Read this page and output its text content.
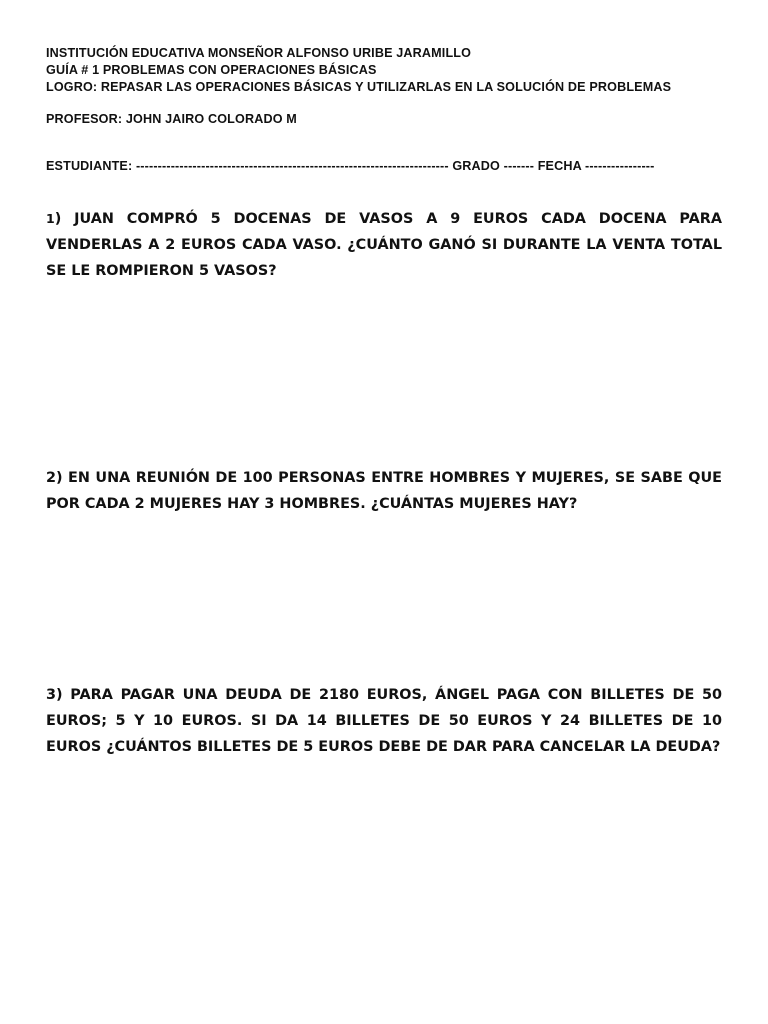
INSTITUCIÓN EDUCATIVA MONSEÑOR ALFONSO URIBE JARAMILLO
GUÍA # 1 PROBLEMAS CON OPERACIONES BÁSICAS
LOGRO: REPASAR LAS OPERACIONES BÁSICAS Y UTILIZARLAS EN LA SOLUCIÓN DE PROBLEMAS
PROFESOR: JOHN JAIRO COLORADO M
ESTUDIANTE: ------------------------------------------------------------------------ GRADO ------- FECHA ----------------
1) JUAN COMPRÓ 5 DOCENAS DE VASOS A 9 EUROS CADA DOCENA PARA VENDERLAS A 2 EUROS CADA VASO. ¿CUÁNTO GANÓ SI DURANTE LA VENTA TOTAL SE LE ROMPIERON 5 VASOS?
2) EN UNA REUNIÓN DE 100 PERSONAS ENTRE HOMBRES Y MUJERES, SE SABE QUE POR CADA 2 MUJERES HAY 3 HOMBRES. ¿CUÁNTAS MUJERES HAY?
3) PARA PAGAR UNA DEUDA DE 2180 EUROS, ÁNGEL PAGA CON BILLETES DE 50 EUROS; 5 Y 10 EUROS. SI DA 14 BILLETES DE 50 EUROS Y 24 BILLETES DE 10 EUROS ¿CUÁNTOS BILLETES DE 5 EUROS DEBE DE DAR PARA CANCELAR LA DEUDA?
